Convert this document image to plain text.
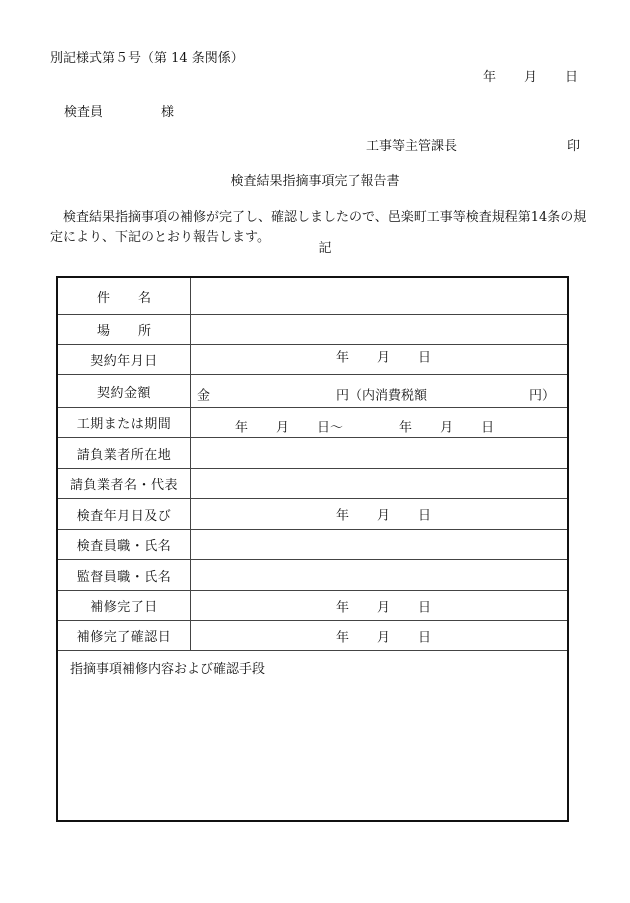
別記様式第５号（第 14 条関係）
年 月 日
検査員	様
工事等主管課長	印
検査結果指摘事項完了報告書
検査結果指摘事項の補修が完了し、確認しましたので、邑楽町工事等検査規程第14条の規定により、下記のとおり報告します。
記
件 名
場 所
契約年月日	年 月 日
契約金額	金	円（内消費税額	円）
工期または期間	年 月 日～	年 月 日
請負業者所在地
請負業者名・代表
検査年月日及び	年 月 日
検査員職・氏名
監督員職・氏名
補修完了日	年 月 日
補修完了確認日	年 月 日
指摘事項補修内容および確認手段
